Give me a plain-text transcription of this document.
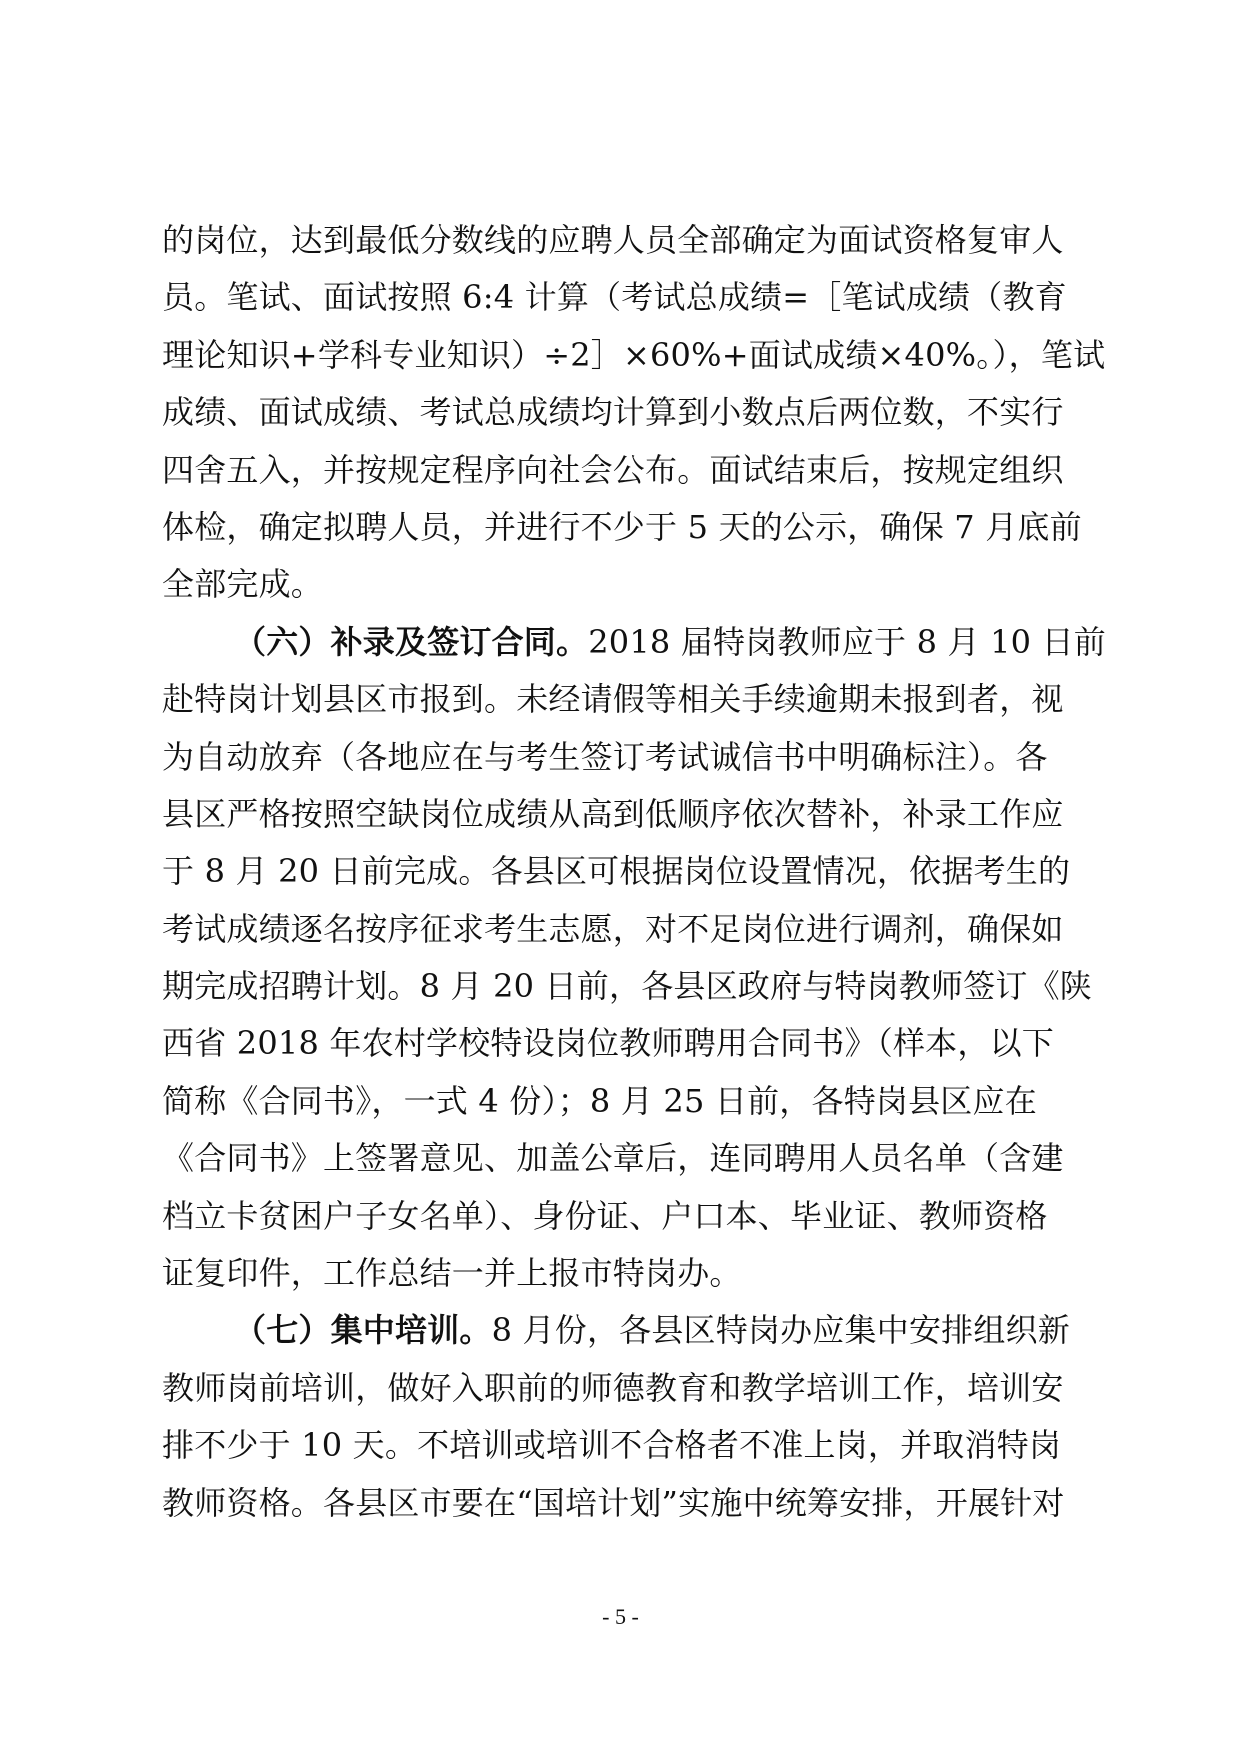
的岗位，达到最低分数线的应聘人员全部确定为面试资格复审人
员。笔试、面试按照 6:4 计算（考试总成绩=［笔试成绩（教育
理论知识+学科专业知识）÷2］×60%+面试成绩×40%。），笔试
成绩、面试成绩、考试总成绩均计算到小数点后两位数，不实行
四舍五入，并按规定程序向社会公布。面试结束后，按规定组织
体检，确定拟聘人员，并进行不少于 5 天的公示，确保 7 月底前
全部完成。
（六）补录及签订合同。2018 届特岗教师应于 8 月 10 日前
赴特岗计划县区市报到。未经请假等相关手续逾期未报到者，视
为自动放弃（各地应在与考生签订考试诚信书中明确标注）。各
县区严格按照空缺岗位成绩从高到低顺序依次替补，补录工作应
于 8 月 20 日前完成。各县区可根据岗位设置情况，依据考生的
考试成绩逐名按序征求考生志愿，对不足岗位进行调剂，确保如
期完成招聘计划。8 月 20 日前，各县区政府与特岗教师签订《陕
西省 2018 年农村学校特设岗位教师聘用合同书》（样本，以下
简称《合同书》，一式 4 份）；8 月 25 日前，各特岗县区应在
《合同书》上签署意见、加盖公章后，连同聘用人员名单（含建
档立卡贫困户子女名单）、身份证、户口本、毕业证、教师资格
证复印件，工作总结一并上报市特岗办。
（七）集中培训。8 月份，各县区特岗办应集中安排组织新
教师岗前培训，做好入职前的师德教育和教学培训工作，培训安
排不少于 10 天。不培训或培训不合格者不准上岗，并取消特岗
教师资格。各县区市要在“国培计划”实施中统筹安排，开展针对
- 5 -
